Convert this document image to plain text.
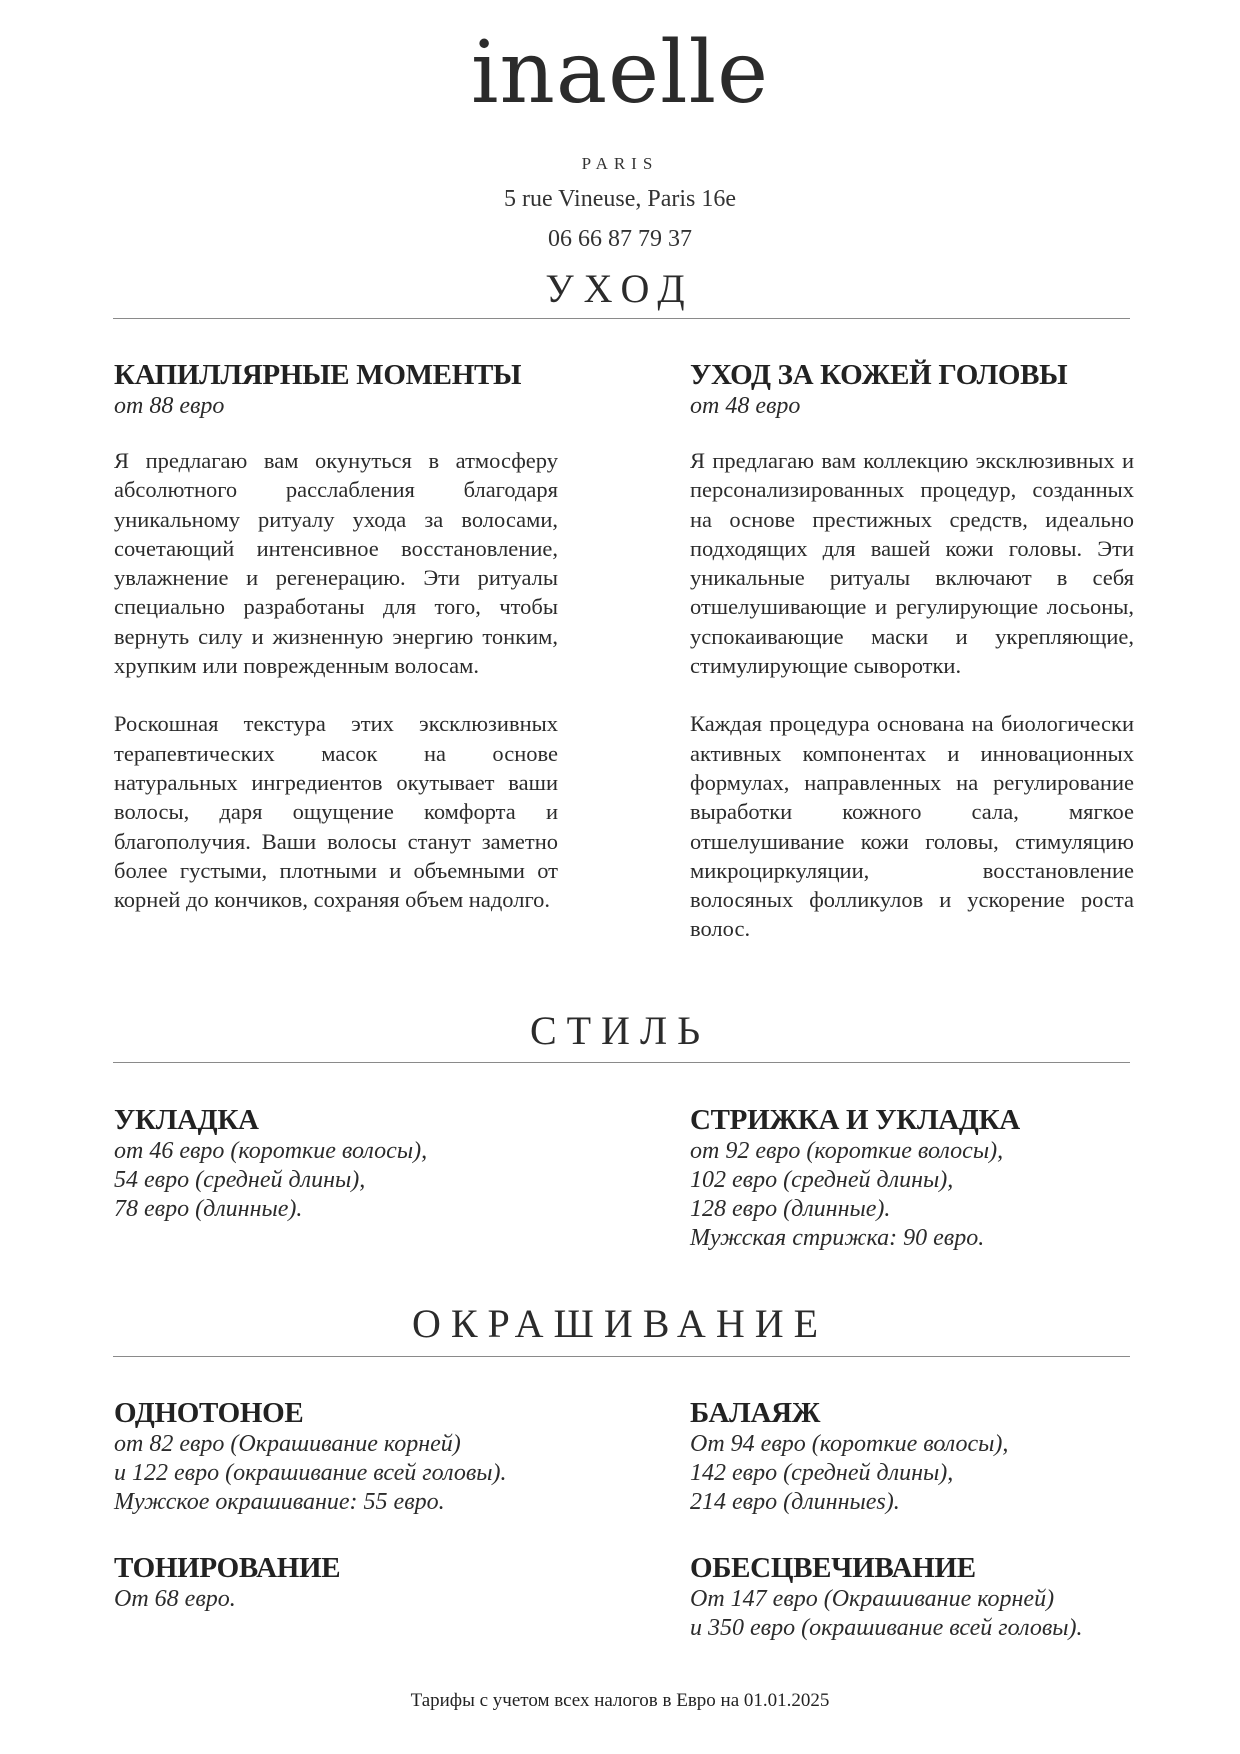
inaelle
PARIS
5 rue Vineuse, Paris 16e
06 66 87 79 37
УХОД
КАПИЛЛЯРНЫЕ МОМЕНТЫ
от 88 евро
Я предлагаю вам окунуться в атмосферу абсолютного расслабления благодаря уникальному ритуалу ухода за волосами, сочетающий интенсивное восстановление, увлажнение и регенерацию. Эти ритуалы специально разработаны для того, чтобы вернуть силу и жизненную энергию тонким, хрупким или поврежденным волосам.
Роскошная текстура этих эксклюзивных терапевтических масок на основе натуральных ингредиентов окутывает ваши волосы, даря ощущение комфорта и благополучия. Ваши волосы станут заметно более густыми, плотными и объемными от корней до кончиков, сохраняя объем надолго.
УХОД ЗА КОЖЕЙ ГОЛОВЫ
от 48 евро
Я предлагаю вам коллекцию эксклюзивных и персонализированных процедур, созданных на основе престижных средств, идеально подходящих для вашей кожи головы. Эти уникальные ритуалы включают в себя отшелушивающие и регулирующие лосьоны, успокаивающие маски и укрепляющие, стимулирующие сыворотки.
Каждая процедура основана на биологически активных компонентах и инновационных формулах, направленных на регулирование выработки кожного сала, мягкое отшелушивание кожи головы, стимуляцию микроциркуляции, восстановление волосяных фолликулов и ускорение роста волос.
СТИЛЬ
УКЛАДКА
от 46 евро (короткие волосы),
54 евро (средней длины),
78 евро (длинные).
СТРИЖКА И УКЛАДКА
от 92 евро (короткие волосы),
102 евро (средней длины),
128 евро (длинные).
Мужская стрижка: 90 евро.
ОКРАШИВАНИЕ
ОДНОТОНОЕ
от 82 евро (Окрашивание корней)
и 122 евро (окрашивание всей головы).
Мужское окрашивание: 55 евро.
БАЛАЯЖ
От 94 евро (короткие волосы),
142 евро (средней длины),
214 евро (длинныеs).
ТОНИРОВАНИЕ
От 68 евро.
ОБЕСЦВЕЧИВАНИЕ
От 147 евро (Окрашивание корней)
и 350 евро (окрашивание всей головы).
Тарифы с учетом всех налогов в Евро на 01.01.2025
